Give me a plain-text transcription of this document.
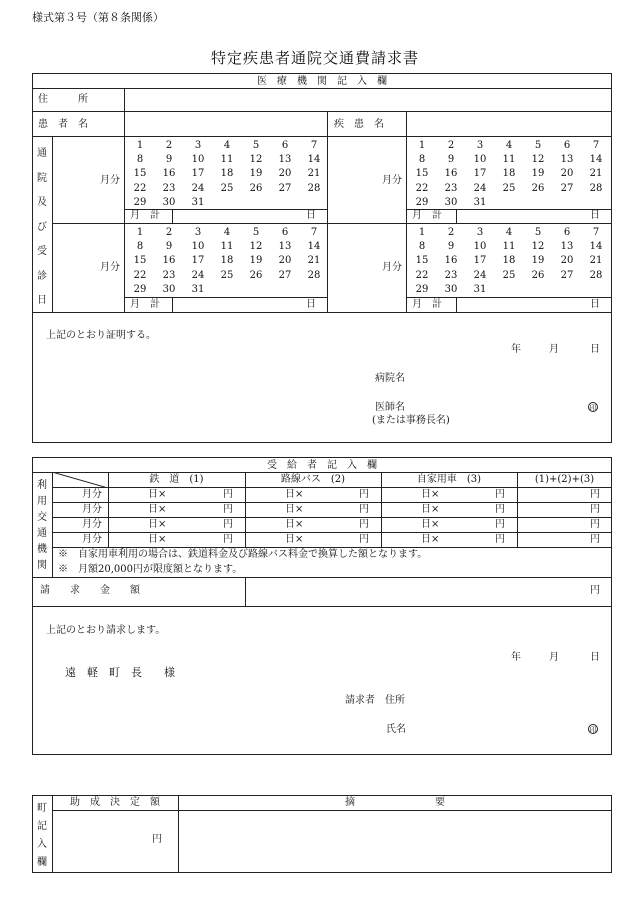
様式第３号（第８条関係）
特定疾患者通院交通費請求書
医　療　機　関　記　入　欄
住　　　所
患　者　名	疾　患　名
通
院
及
び
受
診
日
月分
月分
月分
月分
月　計	日	月　計	日
月　計	日	月　計	日
1	2	3	4	5	6	7
8	9	10	11	12	13	14
15	16	17	18	19	20	21
22	23	24	25	26	27	28
29	30	31
1	2	3	4	5	6	7
8	9	10	11	12	13	14
15	16	17	18	19	20	21
22	23	24	25	26	27	28
29	30	31
1	2	3	4	5	6	7
8	9	10	11	12	13	14
15	16	17	18	19	20	21
22	23	24	25	26	27	28
29	30	31
1	2	3	4	5	6	7
8	9	10	11	12	13	14
15	16	17	18	19	20	21
22	23	24	25	26	27	28
29	30	31
上記のとおり証明する。
年	月	日
病院名
医師名
(または事務長名)
印
受　給　者　記　入　欄
利
用
交
通
機
関
鉄　道　(1)	路線バス　(2)	自家用車　(3)	(1)+(2)+(3)
月分	日×	円	日×	円	日×	円	円
月分	日×	円	日×	円	日×	円	円
月分	日×	円	日×	円	日×	円	円
月分	日×	円	日×	円	日×	円	円
※　自家用車利用の場合は、鉄道料金及び路線バス料金で換算した額となります。
※　月額20,000円が限度額となります。
請　　求　　金　　額	円
上記のとおり請求します。
年	月	日
遠　軽　町　長　　様
請求者　住所
氏名	印
町
記
入
欄
助　成　決　定　額	摘　　　　　　　　要
円
